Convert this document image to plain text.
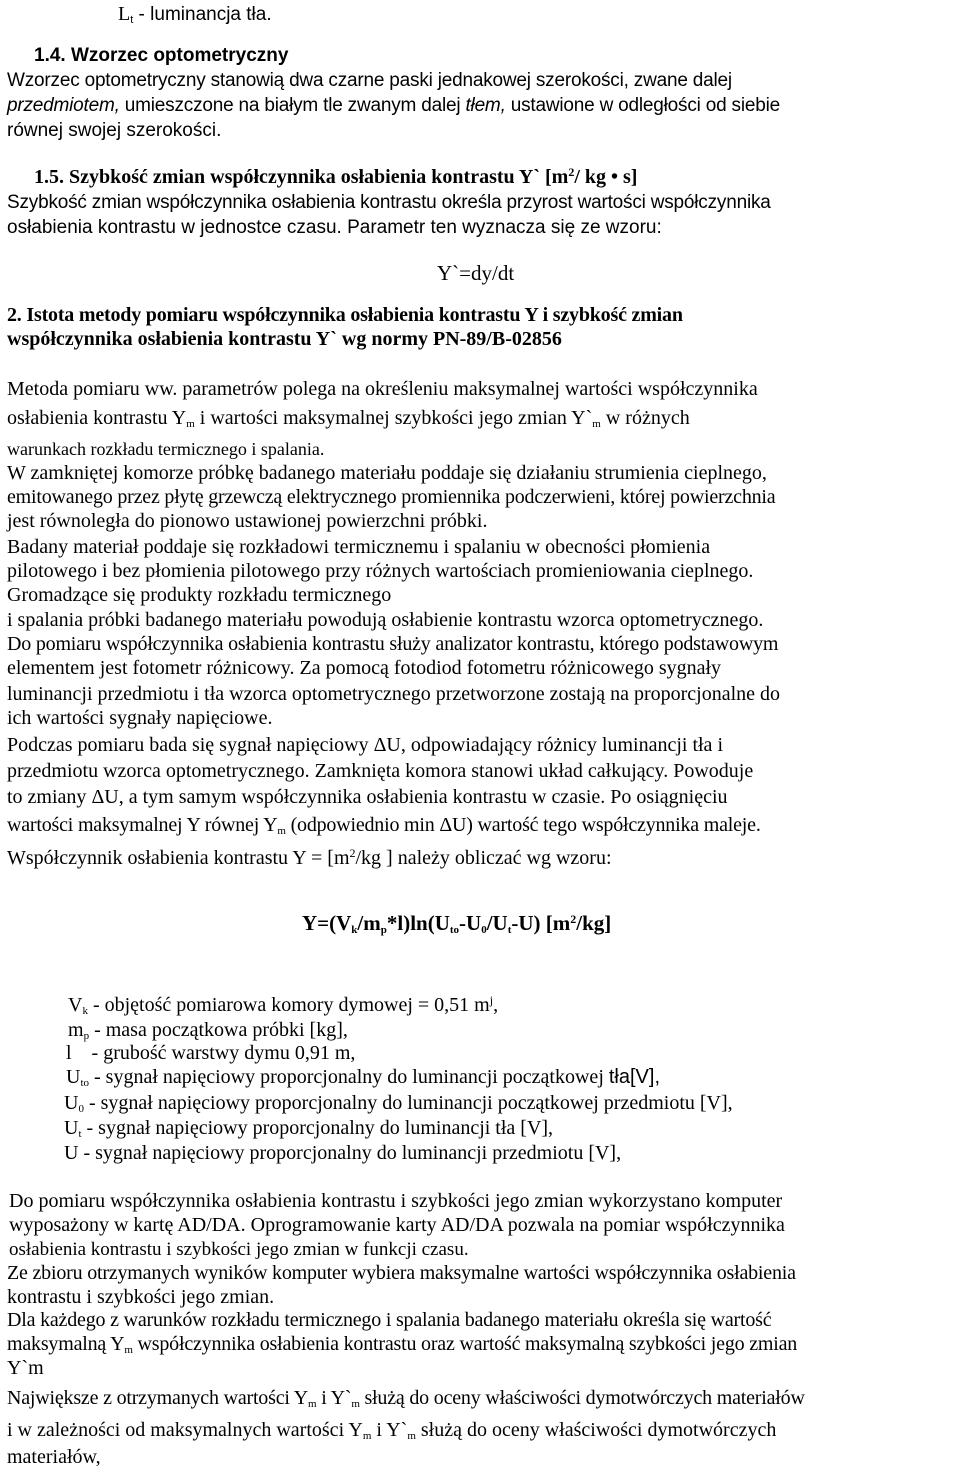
$L_t$ - luminancja tła.
1.4. Wzorzec optometryczny
Wzorzec optometryczny stanowią dwa czarne paski jednakowej szerokości, zwane dalej
przedmiotem, umieszczone na białym tle zwanym dalej tłem, ustawione w odległości od siebie
równej swojej szerokości.
1.5. Szybkość zmian współczynnika osłabienia kontrastu Y` [$m^2/$ kg • s]
Szybkość zmian współczynnika osłabienia kontrastu określa przyrost wartości współczynnika
osłabienia kontrastu w jednostce czasu. Parametr ten wyznacza się ze wzoru:
Y`=dy/dt
2. Istota metody pomiaru współczynnika osłabienia kontrastu Y i szybkość zmian
współczynnika osłabienia kontrastu Y` wg normy PN-89/B-02856
Metoda pomiaru ww. parametrów polega na określeniu maksymalnej wartości współczynnika
osłabienia kontrastu $Y_m$ i wartości maksymalnej szybkości jego zmian $Y`_m$ w różnych
warunkach rozkładu termicznego i spalania.
W zamkniętej komorze próbkę badanego materiału poddaje się działaniu strumienia cieplnego,
emitowanego przez płytę grzewczą elektrycznego promiennika podczerwieni, której powierzchnia
jest równoległa do pionowo ustawionej powierzchni próbki.
Badany materiał poddaje się rozkładowi termicznemu i spalaniu w obecności płomienia
pilotowego i bez płomienia pilotowego przy różnych wartościach promieniowania cieplnego.
Gromadzące się produkty rozkładu termicznego
i spalania próbki badanego materiału powodują osłabienie kontrastu wzorca optometrycznego.
Do pomiaru współczynnika osłabienia kontrastu służy analizator kontrastu, którego podstawowym
elementem jest fotometr różnicowy. Za pomocą fotodiod fotometru różnicowego sygnały
luminancji przedmiotu i tła wzorca optometrycznego przetworzone zostają na proporcjonalne do
ich wartości sygnały napięciowe.
Podczas pomiaru bada się sygnał napięciowy ΔU, odpowiadający różnicy luminancji tła i
przedmiotu wzorca optometrycznego. Zamknięta komora stanowi układ całkujący. Powoduje
to zmiany ΔU, a tym samym współczynnika osłabienia kontrastu w czasie. Po osiągnięciu
wartości maksymalnej Y równej $Y_m$ (odpowiednio min ΔU) wartość tego współczynnika maleje.
Współczynnik osłabienia kontrastu $Y = [m^2/kg$ ] należy obliczać wg wzoru:
$Y=(V_k/m_p*l)\ln(U_{to}-U_0/U_t-U)$ $[m^2/kg]$
$V_k$ - objętość pomiarowa komory dymowej = 0,51 $m^j$,
$m_p$ - masa początkowa próbki [kg],
l    - grubość warstwy dymu 0,91 m,
$U_{to}$ - sygnał napięciowy proporcjonalny do luminancji początkowej tła[V],
$U_0$ - sygnał napięciowy proporcjonalny do luminancji początkowej przedmiotu [V],
$U_t$ - sygnał napięciowy proporcjonalny do luminancji tła [V],
U - sygnał napięciowy proporcjonalny do luminancji przedmiotu [V],
Do pomiaru współczynnika osłabienia kontrastu i szybkości jego zmian wykorzystano komputer
wyposażony w kartę AD/DA. Oprogramowanie karty AD/DA pozwala na pomiar współczynnika
osłabienia kontrastu i szybkości jego zmian w funkcji czasu.
Ze zbioru otrzymanych wyników komputer wybiera maksymalne wartości współczynnika osłabienia
kontrastu i szybkości jego zmian.
Dla każdego z warunków rozkładu termicznego i spalania badanego materiału określa się wartość
maksymalną $Y_m$ współczynnika osłabienia kontrastu oraz wartość maksymalną szybkości jego zmian
Y`m
Największe z otrzymanych wartości $Y_m$ i $Y`_m$ służą do oceny właściwości dymotwórczych materiałów
i w zależności od maksymalnych wartości $Y_m$ i $Y`_m$ służą do oceny właściwości dymotwórczych
materiałów,
